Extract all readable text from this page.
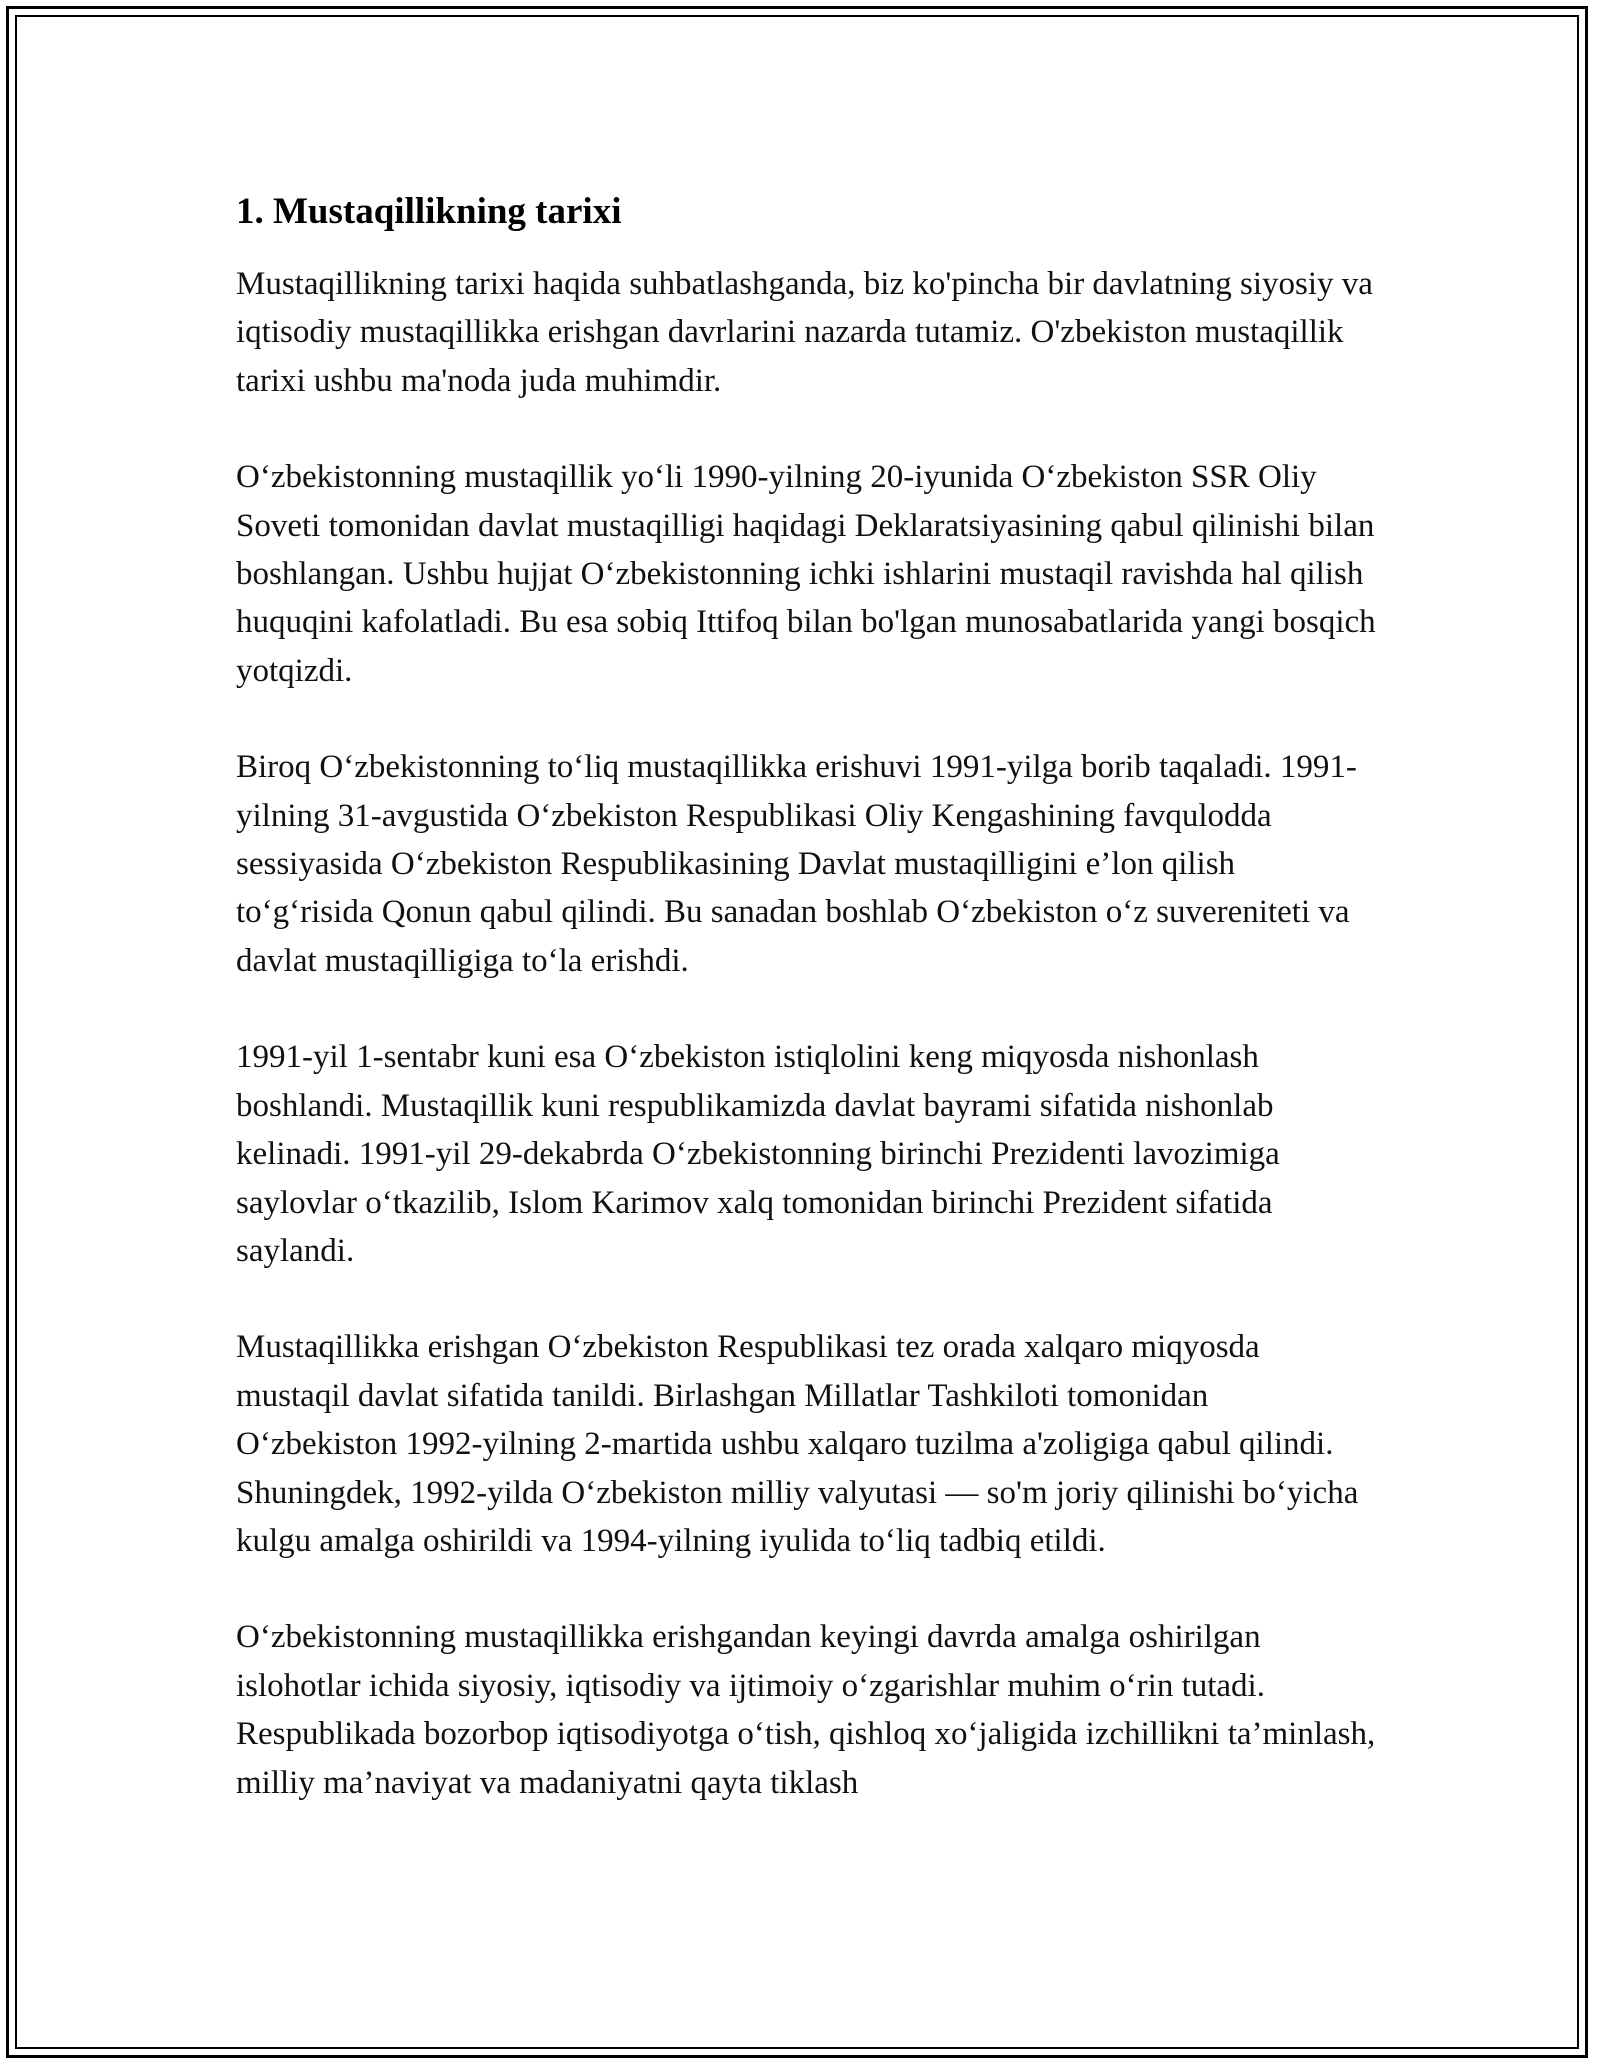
1. Mustaqillikning tarixi

Mustaqillikning tarixi haqida suhbatlashganda, biz ko'pincha bir davlatning siyosiy va iqtisodiy mustaqillikka erishgan davrlarini nazarda tutamiz. O'zbekiston mustaqillik tarixi ushbu ma'noda juda muhimdir.

O‘zbekistonning mustaqillik yo‘li 1990-yilning 20-iyunida O‘zbekiston SSR Oliy Soveti tomonidan davlat mustaqilligi haqidagi Deklaratsiyasining qabul qilinishi bilan boshlangan. Ushbu hujjat O‘zbekistonning ichki ishlarini mustaqil ravishda hal qilish huquqini kafolatladi. Bu esa sobiq Ittifoq bilan bo'lgan munosabatlarida yangi bosqich yotqizdi.

Biroq O‘zbekistonning to‘liq mustaqillikka erishuvi 1991-yilga borib taqaladi. 1991-yilning 31-avgustida O‘zbekiston Respublikasi Oliy Kengashining favqulodda sessiyasida O‘zbekiston Respublikasining Davlat mustaqilligini e’lon qilish to‘g‘risida Qonun qabul qilindi. Bu sanadan boshlab O‘zbekiston o‘z suvereniteti va davlat mustaqilligiga to‘la erishdi.

1991-yil 1-sentabr kuni esa O‘zbekiston istiqlolini keng miqyosda nishonlash boshlandi. Mustaqillik kuni respublikamizda davlat bayrami sifatida nishonlab kelinadi. 1991-yil 29-dekabrda O‘zbekistonning birinchi Prezidenti lavozimiga saylovlar o‘tkazilib, Islom Karimov xalq tomonidan birinchi Prezident sifatida saylandi.

Mustaqillikka erishgan O‘zbekiston Respublikasi tez orada xalqaro miqyosda mustaqil davlat sifatida tanildi. Birlashgan Millatlar Tashkiloti tomonidan O‘zbekiston 1992-yilning 2-martida ushbu xalqaro tuzilma a'zoligiga qabul qilindi. Shuningdek, 1992-yilda O‘zbekiston milliy valyutasi — so'm joriy qilinishi bo‘yicha kulgu amalga oshirildi va 1994-yilning iyulida to‘liq tadbiq etildi.

O‘zbekistonning mustaqillikka erishgandan keyingi davrda amalga oshirilgan islohotlar ichida siyosiy, iqtisodiy va ijtimoiy o‘zgarishlar muhim o‘rin tutadi. Respublikada bozorbop iqtisodiyotga o‘tish, qishloq xo‘jaligida izchillikni ta’minlash, milliy ma’naviyat va madaniyatni qayta tiklash
